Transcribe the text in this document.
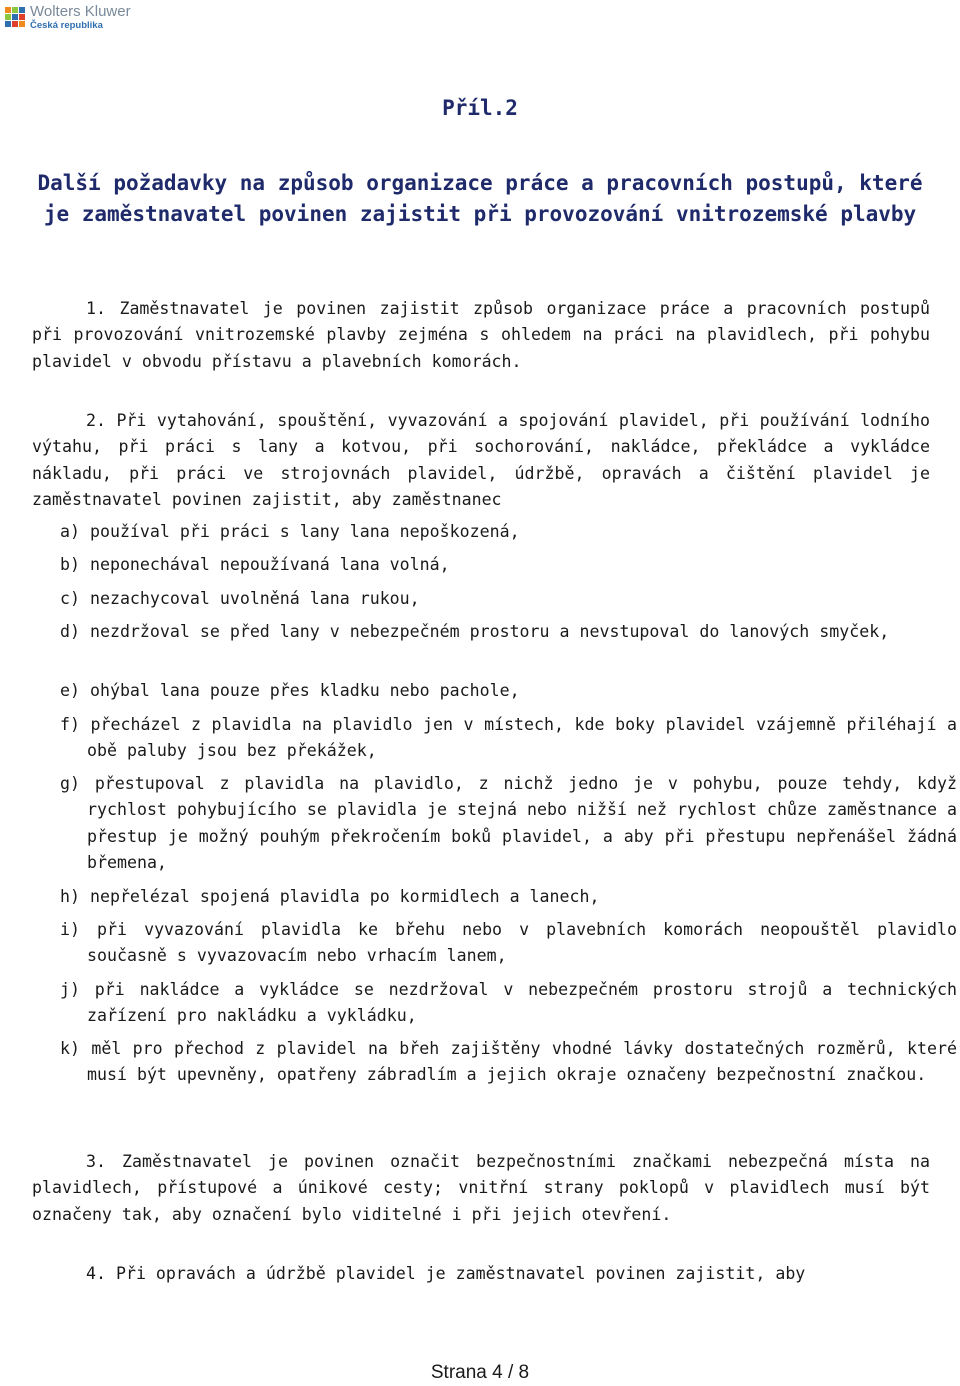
Wolters Kluwer
Česká republika
Příl.2
Další požadavky na způsob organizace práce a pracovních postupů, které je zaměstnavatel povinen zajistit při provozování vnitrozemské plavby

1. Zaměstnavatel je povinen zajistit způsob organizace práce a pracovních postupů při provozování vnitrozemské plavby zejména s ohledem na práci na plavidlech, při pohybu plavidel v obvodu přístavu a plavebních komorách.

2. Při vytahování, spouštění, vyvazování a spojování plavidel, při používání lodního výtahu, při práci s lany a kotvou, při sochorování, nakládce, překládce a vykládce nákladu, při práci ve strojovnách plavidel, údržbě, opravách a čištění plavidel je zaměstnavatel povinen zajistit, aby zaměstnanec

a) používal při práci s lany lana nepoškozená,

b) neponechával nepoužívaná lana volná,

c) nezachycoval uvolněná lana rukou,

d) nezdržoval se před lany v nebezpečném prostoru a nevstupoval do lanových smyček,

e) ohýbal lana pouze přes kladku nebo pachole,

f) přecházel z plavidla na plavidlo jen v místech, kde boky plavidel vzájemně přiléhají a obě paluby jsou bez překážek,

g) přestupoval z plavidla na plavidlo, z nichž jedno je v pohybu, pouze tehdy, když rychlost pohybujícího se plavidla je stejná nebo nižší než rychlost chůze zaměstnance a přestup je možný pouhým překročením boků plavidel, a aby při přestupu nepřenášel žádná břemena,

h) nepřelézal spojená plavidla po kormidlech a lanech,

i) při vyvazování plavidla ke břehu nebo v plavebních komorách neopouštěl plavidlo současně s vyvazovacím nebo vrhacím lanem,

j) při nakládce a vykládce se nezdržoval v nebezpečném prostoru strojů a technických zařízení pro nakládku a vykládku,

k) měl pro přechod z plavidel na břeh zajištěny vhodné lávky dostatečných rozměrů, které musí být upevněny, opatřeny zábradlím a jejich okraje označeny bezpečnostní značkou.

3. Zaměstnavatel je povinen označit bezpečnostními značkami nebezpečná místa na plavidlech, přístupové a únikové cesty; vnitřní strany poklopů v plavidlech musí být označeny tak, aby označení bylo viditelné i při jejich otevření.

4. Při opravách a údržbě plavidel je zaměstnavatel povinen zajistit, aby

Strana 4 / 8
